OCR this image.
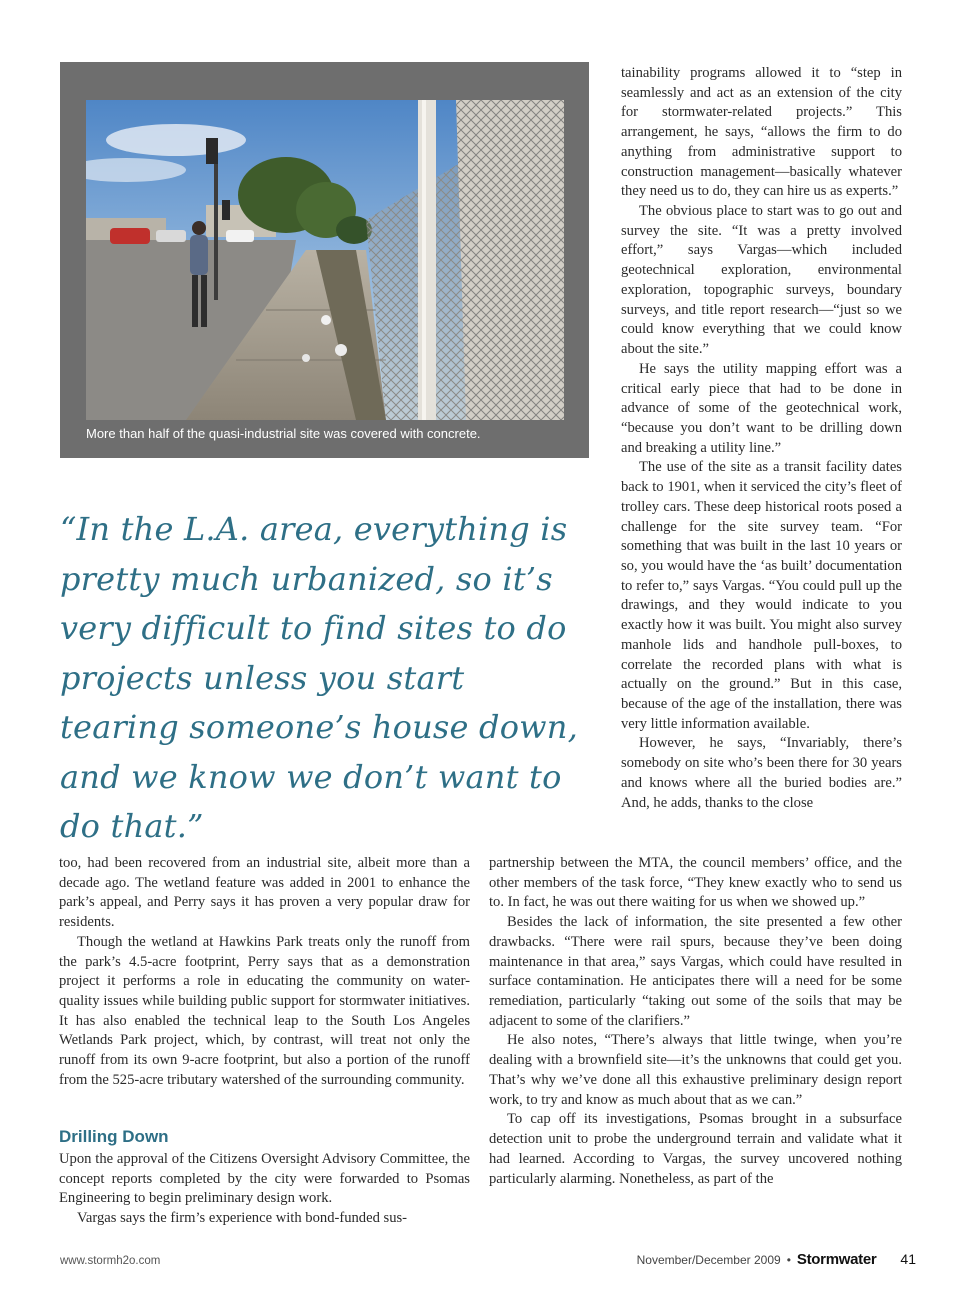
More than half of the quasi-industrial site was covered with concrete.
“In the L.A. area, everything is pretty much urbanized, so it’s very difficult to find sites to do projects unless you start tearing someone’s house down, and we know we don’t want to do that.”

tainability programs allowed it to “step in seamlessly and act as an extension of the city for stormwater-related projects.” This arrangement, he says, “allows the firm to do anything from administrative support to construction management—basically whatever they need us to do, they can hire us as experts.”

The obvious place to start was to go out and survey the site. “It was a pretty involved effort,” says Vargas—which included geotechnical exploration, environmental exploration, topographic surveys, boundary surveys, and title report research—“just so we could know everything that we could know about the site.”

He says the utility mapping effort was a critical early piece that had to be done in advance of some of the geotechnical work, “because you don’t want to be drilling down and breaking a utility line.”

The use of the site as a transit facility dates back to 1901, when it serviced the city’s fleet of trolley cars. These deep historical roots posed a challenge for the site survey team. “For something that was built in the last 10 years or so, you would have the ‘as built’ documentation to refer to,” says Vargas. “You could pull up the drawings, and they would indicate to you exactly how it was built. You might also survey manhole lids and handhole pull-boxes, to correlate the recorded plans with what is actually on the ground.” But in this case, because of the age of the installation, there was very little information available.

However, he says, “Invariably, there’s somebody on site who’s been there for 30 years and knows where all the buried bodies are.” And, he adds, thanks to the close

partnership between the MTA, the council members’ office, and the other members of the task force, “They knew exactly who to send us to. In fact, he was out there waiting for us when we showed up.”

Besides the lack of information, the site presented a few other drawbacks. “There were rail spurs, because they’ve been doing maintenance in that area,” says Vargas, which could have resulted in surface contamination. He anticipates there will a need for be some remediation, particularly “taking out some of the soils that may be adjacent to some of the clarifiers.”

He also notes, “There’s always that little twinge, when you’re dealing with a brownfield site—it’s the unknowns that could get you. That’s why we’ve done all this exhaustive preliminary design report work, to try and know as much about that as we can.”

To cap off its investigations, Psomas brought in a subsurface detection unit to probe the underground terrain and validate what it had learned. According to Vargas, the survey uncovered nothing particularly alarming. Nonetheless, as part of the

too, had been recovered from an industrial site, albeit more than a decade ago. The wetland feature was added in 2001 to enhance the park’s appeal, and Perry says it has proven a very popular draw for residents.

Though the wetland at Hawkins Park treats only the runoff from the park’s 4.5-acre footprint, Perry says that as a demonstration project it performs a role in educating the community on water-quality issues while building public support for stormwater initiatives. It has also enabled the technical leap to the South Los Angeles Wetlands Park project, which, by contrast, will treat not only the runoff from its own 9-acre footprint, but also a portion of the runoff from the 525-acre tributary watershed of the surrounding community.

Drilling Down

Upon the approval of the Citizens Oversight Advisory Committee, the concept reports completed by the city were forwarded to Psomas Engineering to begin preliminary design work.

Vargas says the firm’s experience with bond-funded sus-

www.stormh2o.com	November/December 2009 • Stormwater 41
